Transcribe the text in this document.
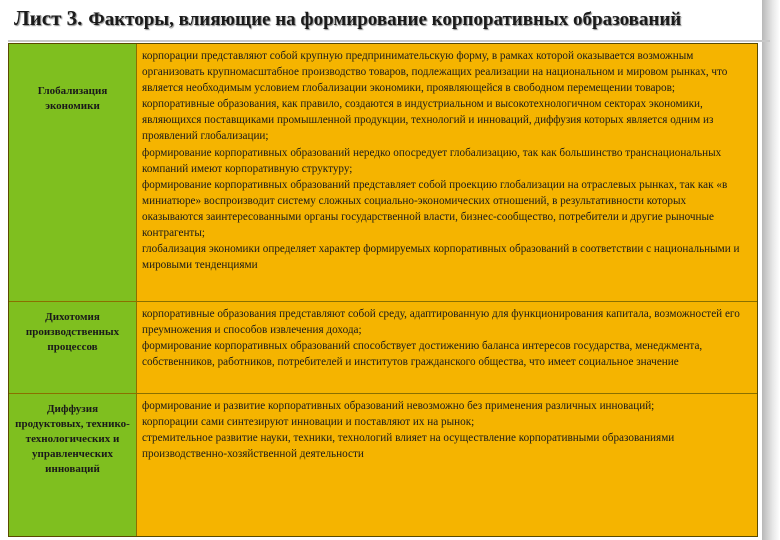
Лист 3. Факторы, влияющие на формирование корпоративных образований
Глобализация экономики

корпорации представляют собой крупную предпринимательскую форму, в рамках которой оказывается возможным организовать крупномасштабное производство товаров, подлежащих реализации на национальном и мировом рынках, что является необходимым условием глобализации экономики, проявляющейся в свободном перемещении товаров;

корпоративные образования, как правило, создаются в индустриальном и высокотехнологичном секторах экономики, являющихся поставщиками промышленной продукции, технологий и инноваций, диффузия которых является одним из проявлений глобализации;

формирование корпоративных образований нередко опосредует глобализацию, так как большинство транснациональных компаний имеют корпоративную структуру;

формирование корпоративных образований представляет собой проекцию глобализации на отраслевых рынках, так как «в миниатюре» воспроизводит систему сложных социально-экономических отношений, в результативности которых оказываются заинтересованными органы государственной власти, бизнес-сообщество, потребители и другие рыночные контрагенты;

глобализация экономики определяет характер формируемых корпоративных образований в соответствии с национальными и мировыми тенденциями

Дихотомия производственных процессов

корпоративные образования представляют собой среду, адаптированную для функционирования капитала, возможностей его преумножения и способов извлечения дохода;

формирование корпоративных образований способствует достижению баланса интересов государства, менеджмента, собственников, работников, потребителей и институтов гражданского общества, что имеет социальное значение

Диффузия продуктовых, технико-технологических и управленческих инноваций

формирование и развитие корпоративных образований невозможно без применения различных инноваций;

корпорации сами синтезируют инновации и поставляют их на рынок;

стремительное развитие науки, техники, технологий влияет на осуществление корпоративными образованиями производственно-хозяйственной деятельности
